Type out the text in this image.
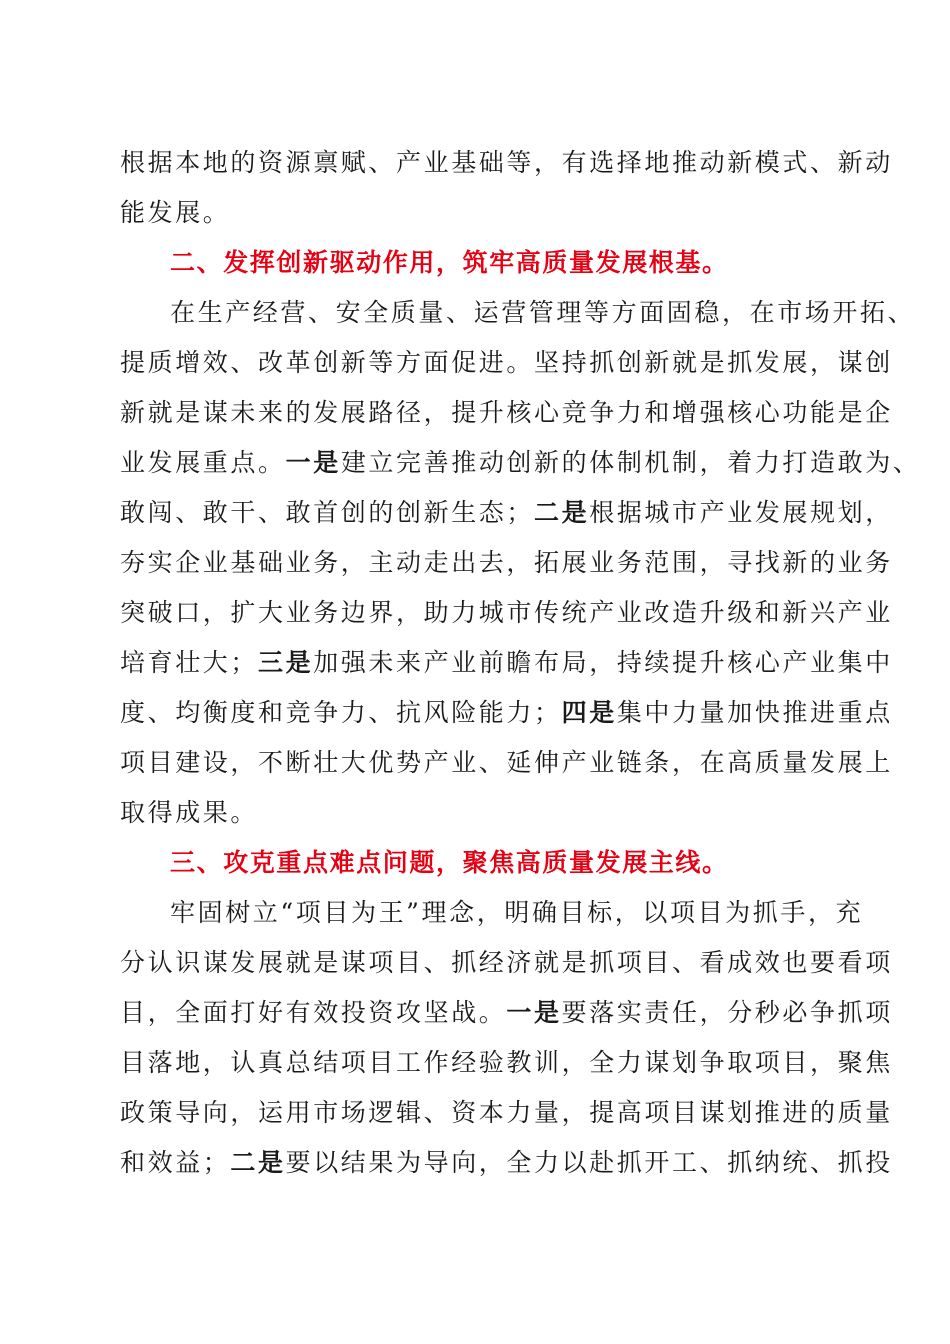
根据本地的资源禀赋、产业基础等，有选择地推动新模式、新动
能发展。
二、发挥创新驱动作用，筑牢高质量发展根基。
在生产经营、安全质量、运营管理等方面固稳，在市场开拓、
提质增效、改革创新等方面促进。坚持抓创新就是抓发展，谋创
新就是谋未来的发展路径，提升核心竞争力和增强核心功能是企
业发展重点。一是建立完善推动创新的体制机制，着力打造敢为、
敢闯、敢干、敢首创的创新生态；二是根据城市产业发展规划，
夯实企业基础业务，主动走出去，拓展业务范围，寻找新的业务
突破口，扩大业务边界，助力城市传统产业改造升级和新兴产业
培育壮大；三是加强未来产业前瞻布局，持续提升核心产业集中
度、均衡度和竞争力、抗风险能力；四是集中力量加快推进重点
项目建设，不断壮大优势产业、延伸产业链条，在高质量发展上
取得成果。
三、攻克重点难点问题，聚焦高质量发展主线。
牢固树立“项目为王”理念，明确目标，以项目为抓手，充
分认识谋发展就是谋项目、抓经济就是抓项目、看成效也要看项
目，全面打好有效投资攻坚战。一是要落实责任，分秒必争抓项
目落地，认真总结项目工作经验教训，全力谋划争取项目，聚焦
政策导向，运用市场逻辑、资本力量，提高项目谋划推进的质量
和效益；二是要以结果为导向，全力以赴抓开工、抓纳统、抓投
